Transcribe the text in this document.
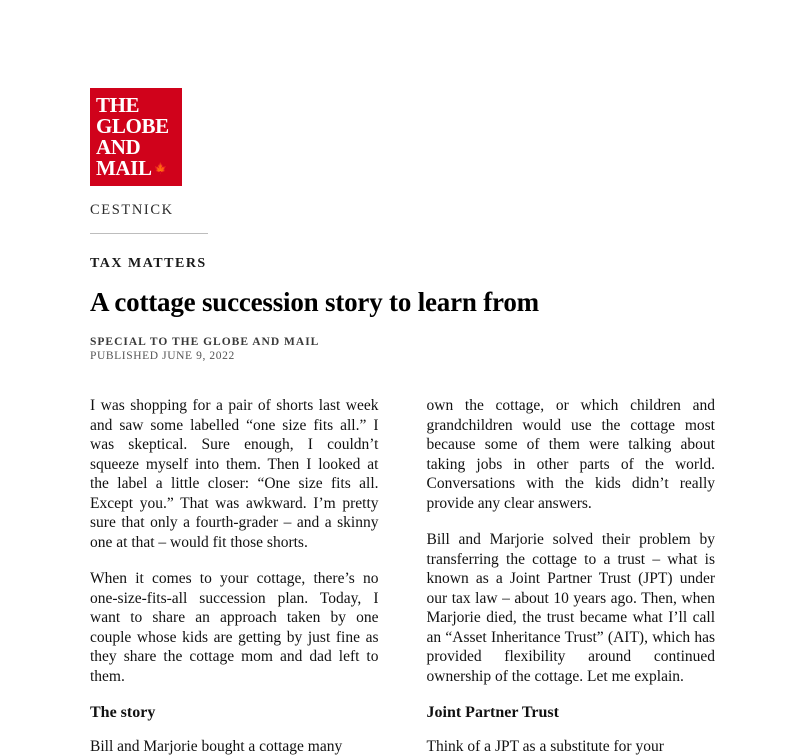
THE
GLOBE
AND
MAIL 🍁
CESTNICK
TAX MATTERS
A cottage succession story to learn from
SPECIAL TO THE GLOBE AND MAIL
PUBLISHED JUNE 9, 2022

I was shopping for a pair of shorts last week and saw some labelled “one size fits all.” I was skeptical. Sure enough, I couldn’t squeeze myself into them. Then I looked at the label a little closer: “One size fits all. Except you.” That was awkward. I’m pretty sure that only a fourth-grader – and a skinny one at that – would fit those shorts.

When it comes to your cottage, there’s no one-size-fits-all succession plan. Today, I want to share an approach taken by one couple whose kids are getting by just fine as they share the cottage mom and dad left to them.

The story

Bill and Marjorie bought a cottage many

own the cottage, or which children and grandchildren would use the cottage most because some of them were talking about taking jobs in other parts of the world. Conversations with the kids didn’t really provide any clear answers.

Bill and Marjorie solved their problem by transferring the cottage to a trust – what is known as a Joint Partner Trust (JPT) under our tax law – about 10 years ago. Then, when Marjorie died, the trust became what I’ll call an “Asset Inheritance Trust” (AIT), which has provided flexibility around continued ownership of the cottage. Let me explain.

Joint Partner Trust

Think of a JPT as a substitute for your
